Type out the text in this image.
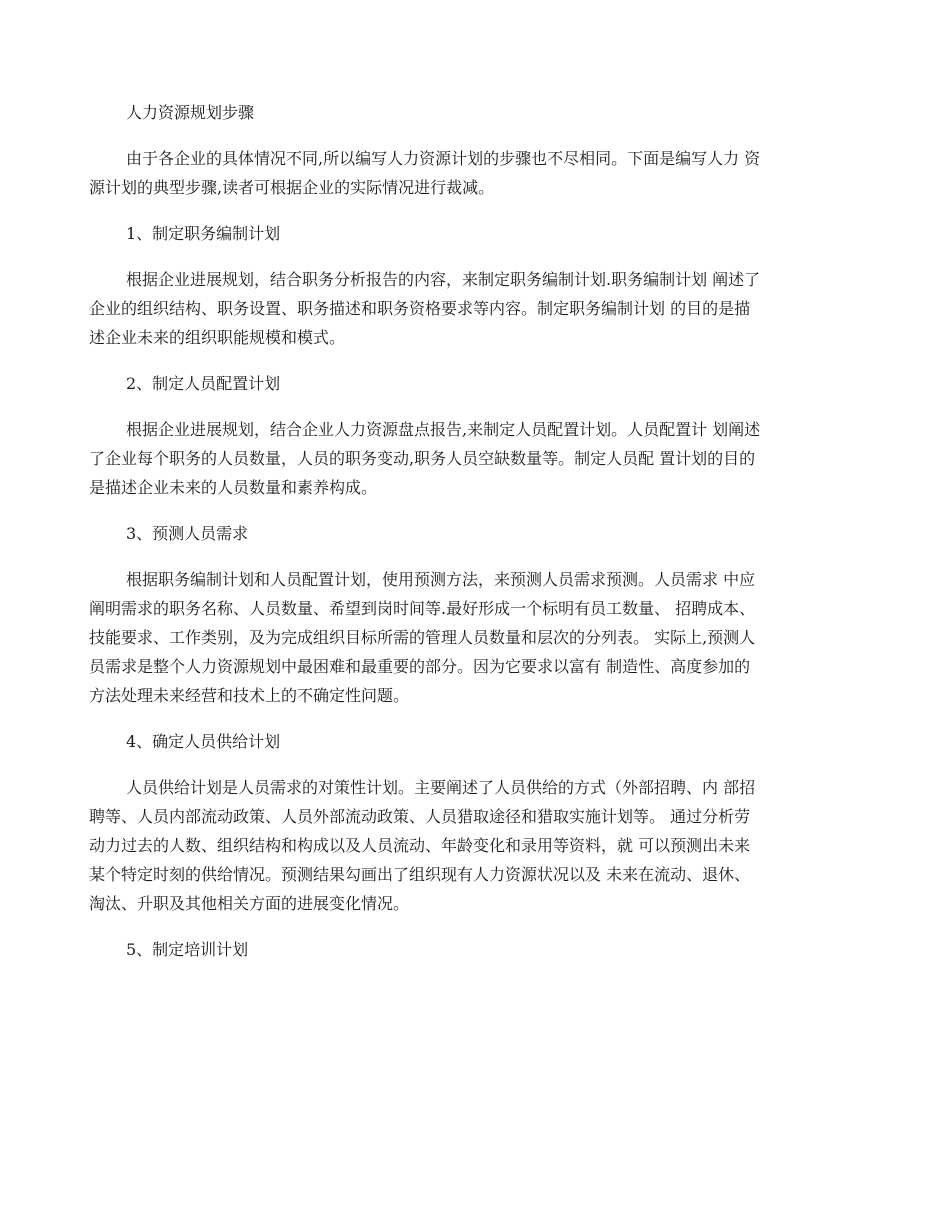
人力资源规划步骤
由于各企业的具体情况不同,所以编写人力资源计划的步骤也不尽相同。下面是编写人力 资
源计划的典型步骤,读者可根据企业的实际情况进行裁减。
1、制定职务编制计划
根据企业进展规划，结合职务分析报告的内容，来制定职务编制计划.职务编制计划 阐述了
企业的组织结构、职务设置、职务描述和职务资格要求等内容。制定职务编制计划 的目的是描
述企业未来的组织职能规模和模式。
2、制定人员配置计划
根据企业进展规划，结合企业人力资源盘点报告,来制定人员配置计划。人员配置计 划阐述
了企业每个职务的人员数量，人员的职务变动,职务人员空缺数量等。制定人员配 置计划的目的
是描述企业未来的人员数量和素养构成。
3、预测人员需求
根据职务编制计划和人员配置计划，使用预测方法，来预测人员需求预测。人员需求 中应
阐明需求的职务名称、人员数量、希望到岗时间等.最好形成一个标明有员工数量、 招聘成本、
技能要求、工作类别，及为完成组织目标所需的管理人员数量和层次的分列表。 实际上,预测人
员需求是整个人力资源规划中最困难和最重要的部分。因为它要求以富有 制造性、高度参加的
方法处理未来经营和技术上的不确定性问题。
4、确定人员供给计划
人员供给计划是人员需求的对策性计划。主要阐述了人员供给的方式（外部招聘、内 部招
聘等、人员内部流动政策、人员外部流动政策、人员猎取途径和猎取实施计划等。 通过分析劳
动力过去的人数、组织结构和构成以及人员流动、年龄变化和录用等资料，就 可以预测出未来
某个特定时刻的供给情况。预测结果勾画出了组织现有人力资源状况以及 未来在流动、退休、
淘汰、升职及其他相关方面的进展变化情况。
5、制定培训计划
